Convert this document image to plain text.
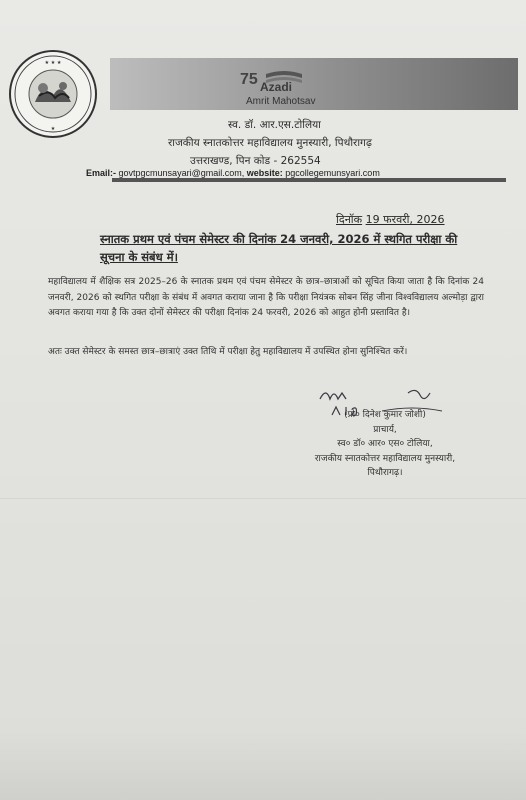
★ ★ ★
★
75 Azadi
Amrit Mahotsav
स्व. डॉ. आर.एस.टोलिया
राजकीय स्नातकोत्तर महाविद्यालय मुनस्यारी, पिथौरागढ़
उत्तराखण्ड, पिन कोड - 262554
Email:- govtpgcmunsayari@gmail.com, website: pgcollegemunsyari.com
दिनॉक 19 फरवरी, 2026
स्नातक प्रथम एवं पंचम सेमेस्टर की दिनांक 24 जनवरी, 2026 में स्थगित परीक्षा की सूचना के संबंध में।
महाविद्यालय में शैक्षिक सत्र 2025–26 के स्नातक प्रथम एवं पंचम सेमेस्टर के छात्र–छात्राओं को सूचित किया जाता है कि दिनांक 24 जनवरी, 2026 को स्थगित परीक्षा के संबंध में अवगत कराया जाना है कि परीक्षा नियंत्रक सोबन सिंह जीना विश्वविद्यालय अल्मोड़ा द्वारा अवगत कराया गया है कि उक्त दोनों सेमेस्टर की परीक्षा दिनांक 24 फरवरी, 2026 को आहुत होनी प्रस्तावित है।
अतः उक्त सेमेस्टर के समस्त छात्र–छात्राएं उक्त तिथि में परीक्षा हेतु महाविद्यालय में उपस्थित होना सुनिश्चित करें।
(प्रो० दिनेश कुमार जोशी)
प्राचार्य,
स्व० डॉ० आर० एस० टोलिया,
राजकीय स्नातकोत्तर महाविद्यालय मुनस्यारी,
पिथौरागढ़।
